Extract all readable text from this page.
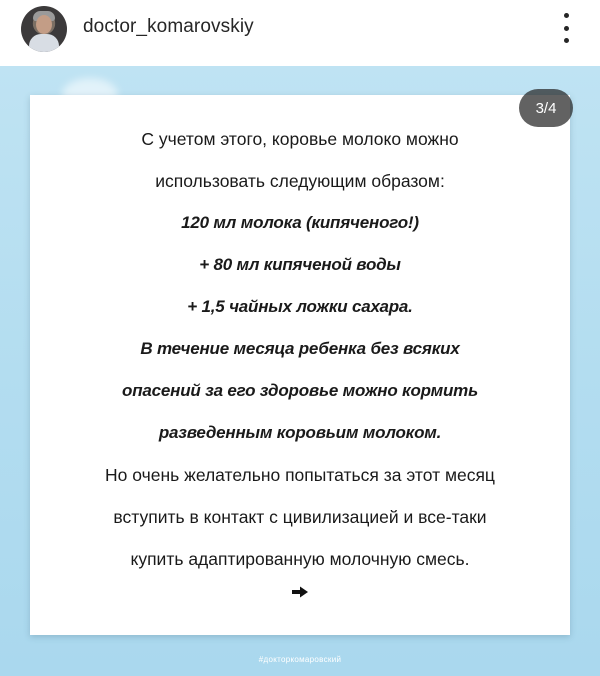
doctor_komarovskiy
3/4
С учетом этого, коровье молоко можно
использовать следующим образом:
120 мл молока (кипяченого!)
+ 80 мл кипяченой воды
+ 1,5 чайных ложки сахара.
В течение месяца ребенка без всяких
опасений за его здоровье можно кормить
разведенным коровьим молоком.
Но очень желательно попытаться за этот месяц
вступить в контакт с цивилизацией и все-таки
купить адаптированную молочную смесь.
#докторкомаровский
